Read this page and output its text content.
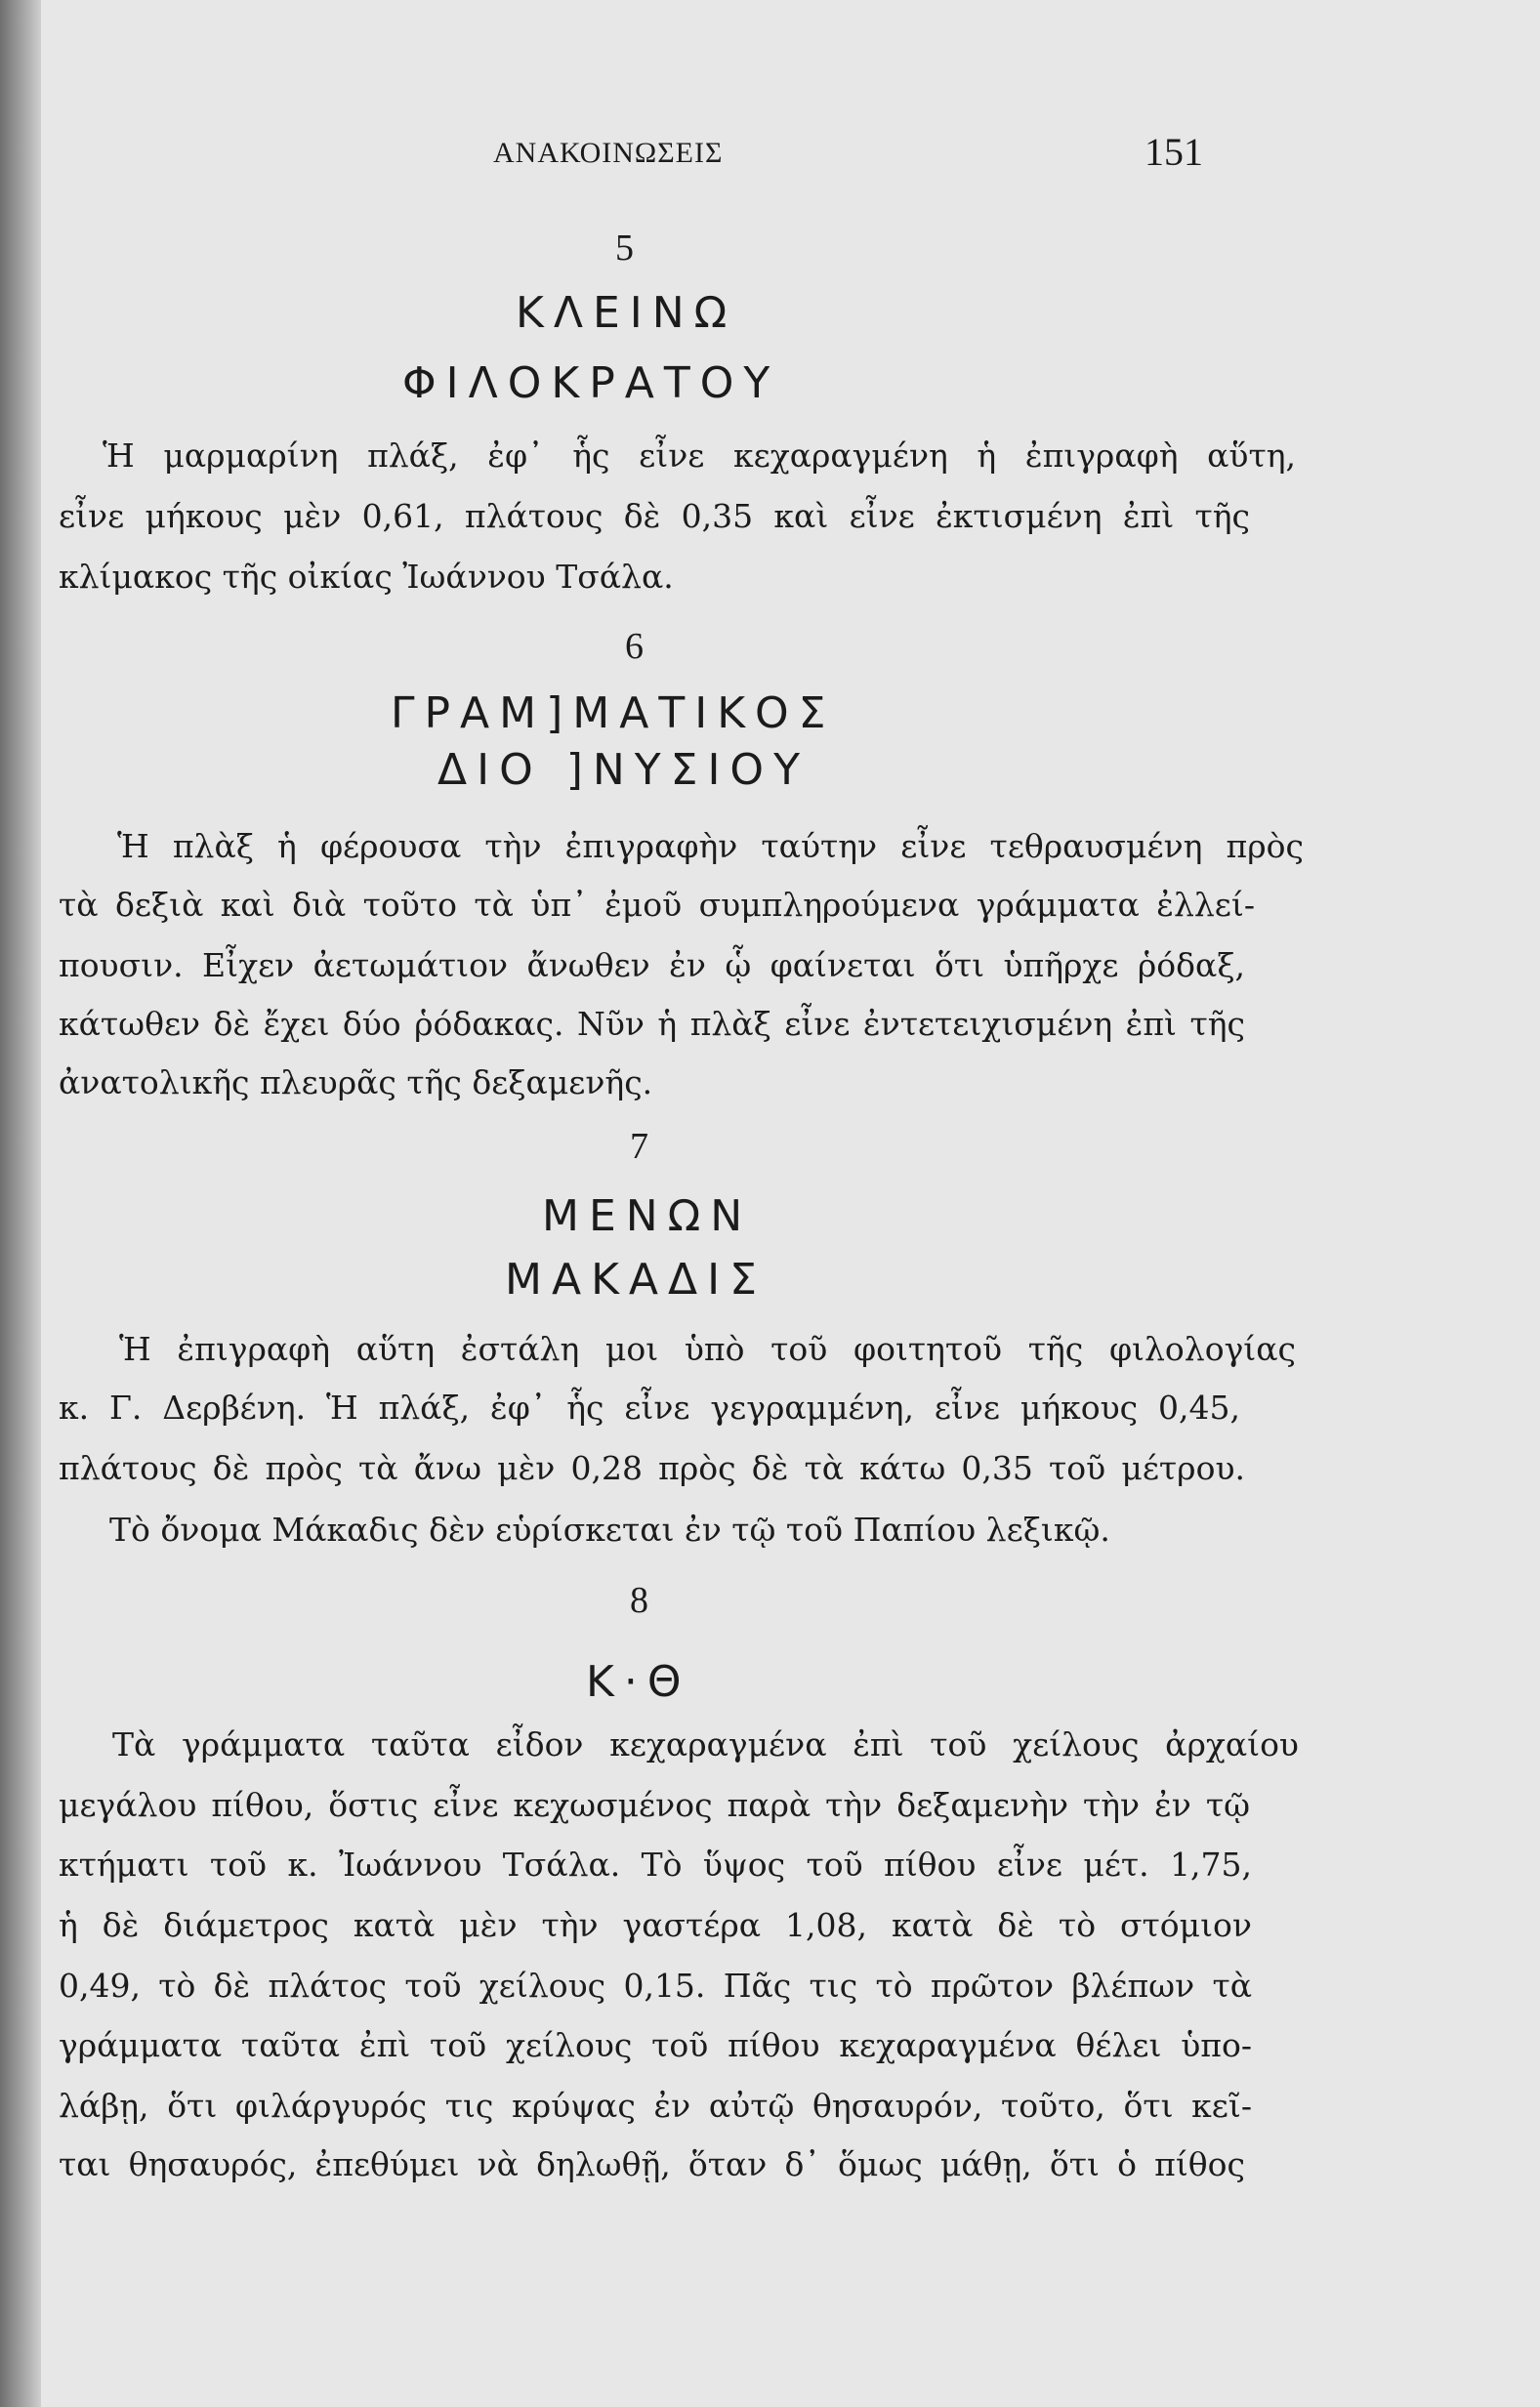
ΑΝΑΚΟΙΝΩΣΕΙΣ	151
5
ΚΛΕΙΝΩ
ΦΙΛΟΚΡΑΤΟΥ
Ἡ μαρμαρίνη πλάξ, ἐφ᾽ ἧς εἶνε κεχαραγμένη ἡ ἐπιγραφὴ αὕτη,
εἶνε μήκους μὲν 0,61, πλάτους δὲ 0,35 καὶ εἶνε ἐκτισμένη ἐπὶ τῆς
κλίμακος τῆς οἰκίας Ἰωάννου Τσάλα.
6
ΓΡΑΜ]ΜΑΤΙΚΟΣ
ΔΙΟ ]ΝΥΣΙΟΥ
Ἡ πλὰξ ἡ φέρουσα τὴν ἐπιγραφὴν ταύτην εἶνε τεθραυσμένη πρὸς
τὰ δεξιὰ καὶ διὰ τοῦτο τὰ ὑπ᾽ ἐμοῦ συμπληρούμενα γράμματα ἐλλεί-
πουσιν. Εἶχεν ἀετωμάτιον ἄνωθεν ἐν ᾧ φαίνεται ὅτι ὑπῆρχε ῥόδαξ,
κάτωθεν δὲ ἔχει δύο ῥόδακας. Νῦν ἡ πλὰξ εἶνε ἐντετειχισμένη ἐπὶ τῆς
ἀνατολικῆς πλευρᾶς τῆς δεξαμενῆς.
7
ΜΕΝΩΝ
ΜΑΚΑΔΙΣ
Ἡ ἐπιγραφὴ αὕτη ἐστάλη μοι ὑπὸ τοῦ φοιτητοῦ τῆς φιλολογίας
κ. Γ. Δερβένη. Ἡ πλάξ, ἐφ᾽ ἧς εἶνε γεγραμμένη, εἶνε μήκους 0,45,
πλάτους δὲ πρὸς τὰ ἄνω μὲν 0,28 πρὸς δὲ τὰ κάτω 0,35 τοῦ μέτρου.
Τὸ ὄνομα Μάκαδις δὲν εὑρίσκεται ἐν τῷ τοῦ Παπίου λεξικῷ.
8
Κ·Θ
Τὰ γράμματα ταῦτα εἶδον κεχαραγμένα ἐπὶ τοῦ χείλους ἀρχαίου
μεγάλου πίθου, ὅστις εἶνε κεχωσμένος παρὰ τὴν δεξαμενὴν τὴν ἐν τῷ
κτήματι τοῦ κ. Ἰωάννου Τσάλα. Τὸ ὕψος τοῦ πίθου εἶνε μέτ. 1,75,
ἡ δὲ διάμετρος κατὰ μὲν τὴν γαστέρα 1,08, κατὰ δὲ τὸ στόμιον
0,49, τὸ δὲ πλάτος τοῦ χείλους 0,15. Πᾶς τις τὸ πρῶτον βλέπων τὰ
γράμματα ταῦτα ἐπὶ τοῦ χείλους τοῦ πίθου κεχαραγμένα θέλει ὑπο-
λάβῃ, ὅτι φιλάργυρός τις κρύψας ἐν αὐτῷ θησαυρόν, τοῦτο, ὅτι κεῖ-
ται θησαυρός, ἐπεθύμει νὰ δηλωθῇ, ὅταν δ᾽ ὅμως μάθῃ, ὅτι ὁ πίθος
